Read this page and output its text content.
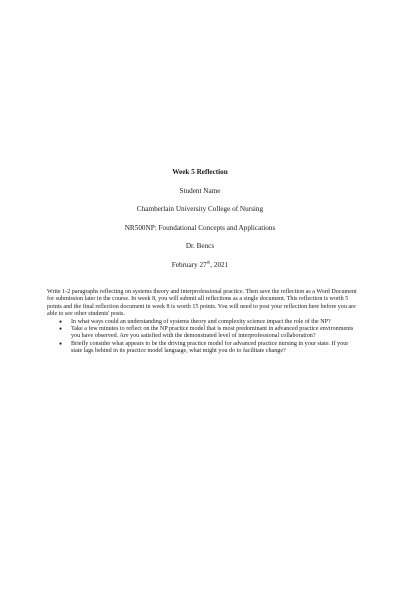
Week 5 Reflection
Student Name
Chamberlain University College of Nursing
NR500NP: Foundational Concepts and Applications
Dr. Bencs
February 27th, 2021

Write 1-2 paragraphs reflecting on systems theory and interprofessional practice. Then save the reflection as a Word Document for submission later in the course. In week 8, you will submit all reflections as a single document. This reflection is worth 5 points and the final reflection document in week 8 is worth 15 points. You will need to post your reflection here before you are able to see other students' posts.

● In what ways could an understanding of systems theory and complexity science impact the role of the NP?
● Take a few minutes to reflect on the NP practice model that is most predominant in advanced practice environments you have observed. Are you satisfied with the demonstrated level of interprofessional collaboration?
● Briefly consider what appears to be the driving practice model for advanced practice nursing in your state. If your state lags behind in its practice model language, what might you do to facilitate change?
